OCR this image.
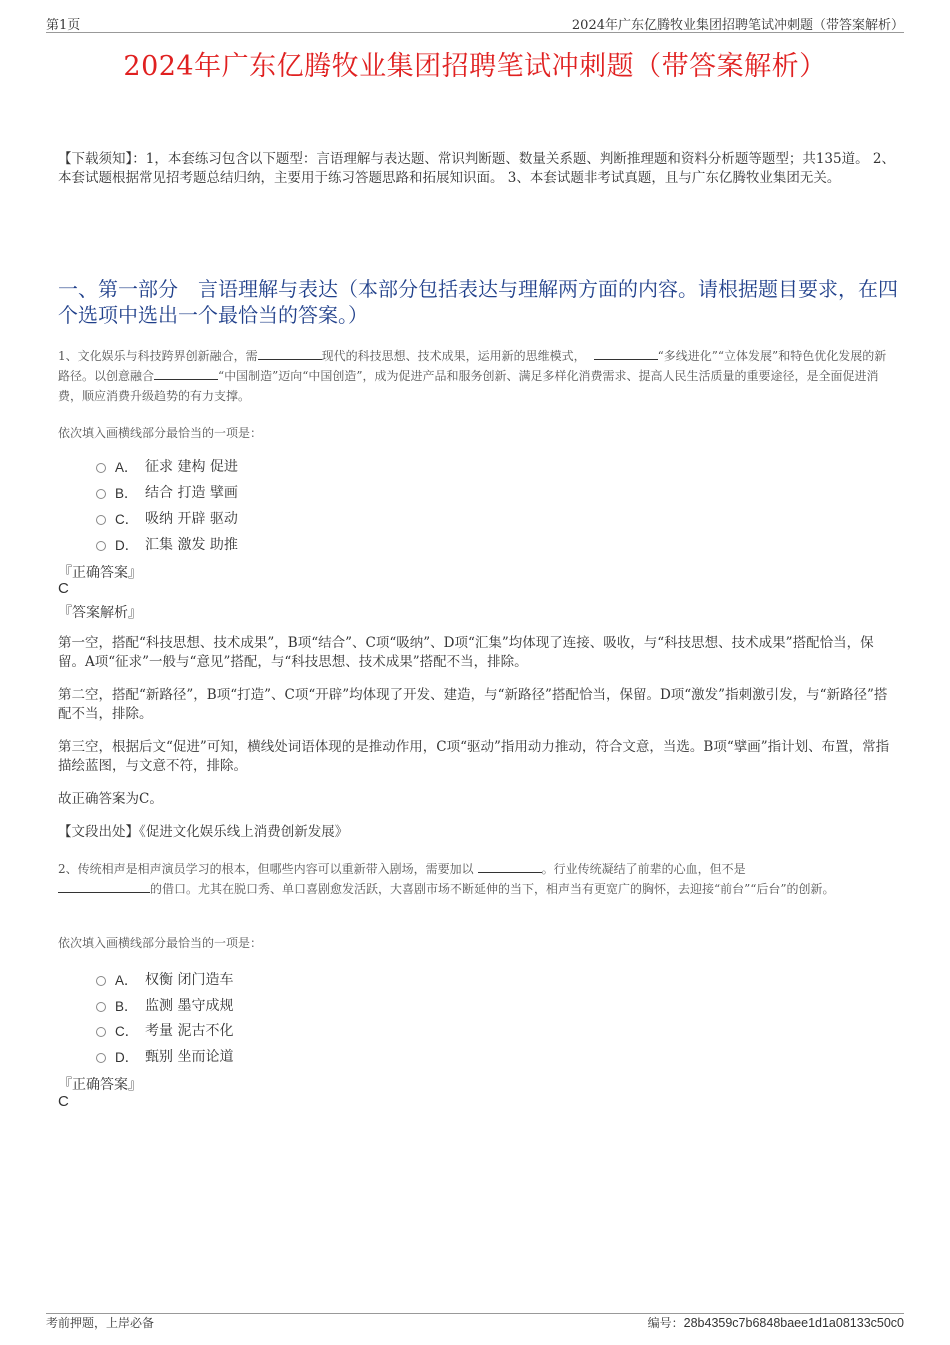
第1页	2024年广东亿腾牧业集团招聘笔试冲刺题（带答案解析）
2024年广东亿腾牧业集团招聘笔试冲刺题（带答案解析）
【下载须知】：1，本套练习包含以下题型：言语理解与表达题、常识判断题、数量关系题、判断推理题和资料分析题等题型；共135道。 2、本套试题根据常见招考题总结归纳，主要用于练习答题思路和拓展知识面。 3、本套试题非考试真题，且与广东亿腾牧业集团无关。
一、第一部分　言语理解与表达（本部分包括表达与理解两方面的内容。请根据题目要求，在四个选项中选出一个最恰当的答案。）
1、文化娱乐与科技跨界创新融合，需	现代的科技思想、技术成果，运用新的思维模式，	“多线进化”“立体发展”和特色优化发展的新路径。以创意融合	“中国制造”迈向“中国创造”，成为促进产品和服务创新、满足多样化消费需求、提高人民生活质量的重要途径，是全面促进消费，顺应消费升级趋势的有力支撑。
依次填入画横线部分最恰当的一项是：
A． 征求 建构 促进
B． 结合 打造 擘画
C． 吸纳 开辟 驱动
D． 汇集 激发 助推
『正确答案』
C
『答案解析』
第一空，搭配“科技思想、技术成果”，B项“结合”、C项“吸纳”、D项“汇集”均体现了连接、吸收，与“科技思想、技术成果”搭配恰当，保留。A项“征求”一般与“意见”搭配，与“科技思想、技术成果”搭配不当，排除。
第二空，搭配“新路径”，B项“打造”、C项“开辟”均体现了开发、建造，与“新路径”搭配恰当，保留。D项“激发”指刺激引发，与“新路径”搭配不当，排除。
第三空，根据后文“促进”可知，横线处词语体现的是推动作用，C项“驱动”指用动力推动，符合文意，当选。B项“擘画”指计划、布置，常指描绘蓝图，与文意不符，排除。
故正确答案为C。
【文段出处】《促进文化娱乐线上消费创新发展》
2、传统相声是相声演员学习的根本，但哪些内容可以重新带入剧场，需要加以	。行业传统凝结了前辈的心血，但不是
的借口。尤其在脱口秀、单口喜剧愈发活跃，大喜剧市场不断延伸的当下，相声当有更宽广的胸怀，去迎接“前台”“后台”的创新。
依次填入画横线部分最恰当的一项是：
A． 权衡 闭门造车
B． 监测 墨守成规
C． 考量 泥古不化
D． 甄别 坐而论道
『正确答案』
C
考前押题，上岸必备	编号：28b4359c7b6848baee1d1a08133c50c0
